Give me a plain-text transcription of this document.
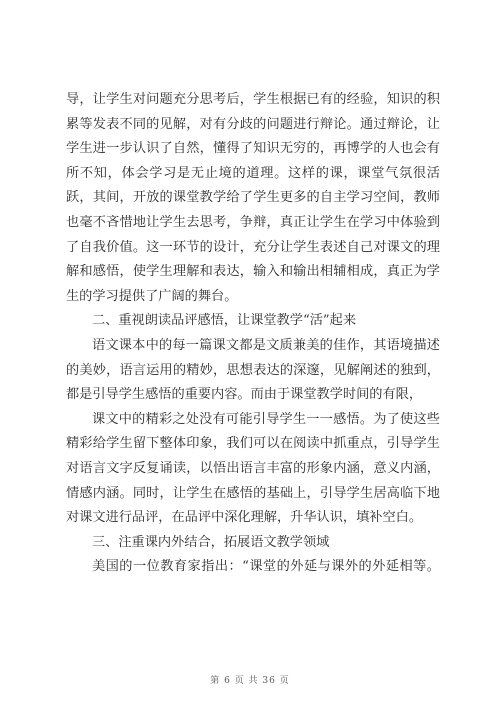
导，让学生对问题充分思考后，学生根据已有的经验，知识的积
累等发表不同的见解，对有分歧的问题进行辩论。通过辩论，让
学生进一步认识了自然，懂得了知识无穷的，再博学的人也会有
所不知，体会学习是无止境的道理。这样的课，课堂气氛很活
跃，其间，开放的课堂教学给了学生更多的自主学习空间，教师
也毫不吝惜地让学生去思考，争辩，真正让学生在学习中体验到
了自我价值。这一环节的设计，充分让学生表述自己对课文的理
解和感悟，使学生理解和表达，输入和输出相辅相成，真正为学
生的学习提供了广阔的舞台。
二、重视朗读品评感悟，让课堂教学“活”起来
语文课本中的每一篇课文都是文质兼美的佳作，其语境描述
的美妙，语言运用的精妙，思想表达的深邃，见解阐述的独到，
都是引导学生感悟的重要内容。而由于课堂教学时间的有限，
课文中的精彩之处没有可能引导学生一一感悟。为了使这些
精彩给学生留下整体印象，我们可以在阅读中抓重点，引导学生
对语言文字反复诵读，以悟出语言丰富的形象内涵，意义内涵，
情感内涵。同时，让学生在感悟的基础上，引导学生居高临下地
对课文进行品评，在品评中深化理解，升华认识，填补空白。
三、注重课内外结合，拓展语文教学领域
美国的一位教育家指出：“课堂的外延与课外的外延相等。
第 6 页 共 36 页
